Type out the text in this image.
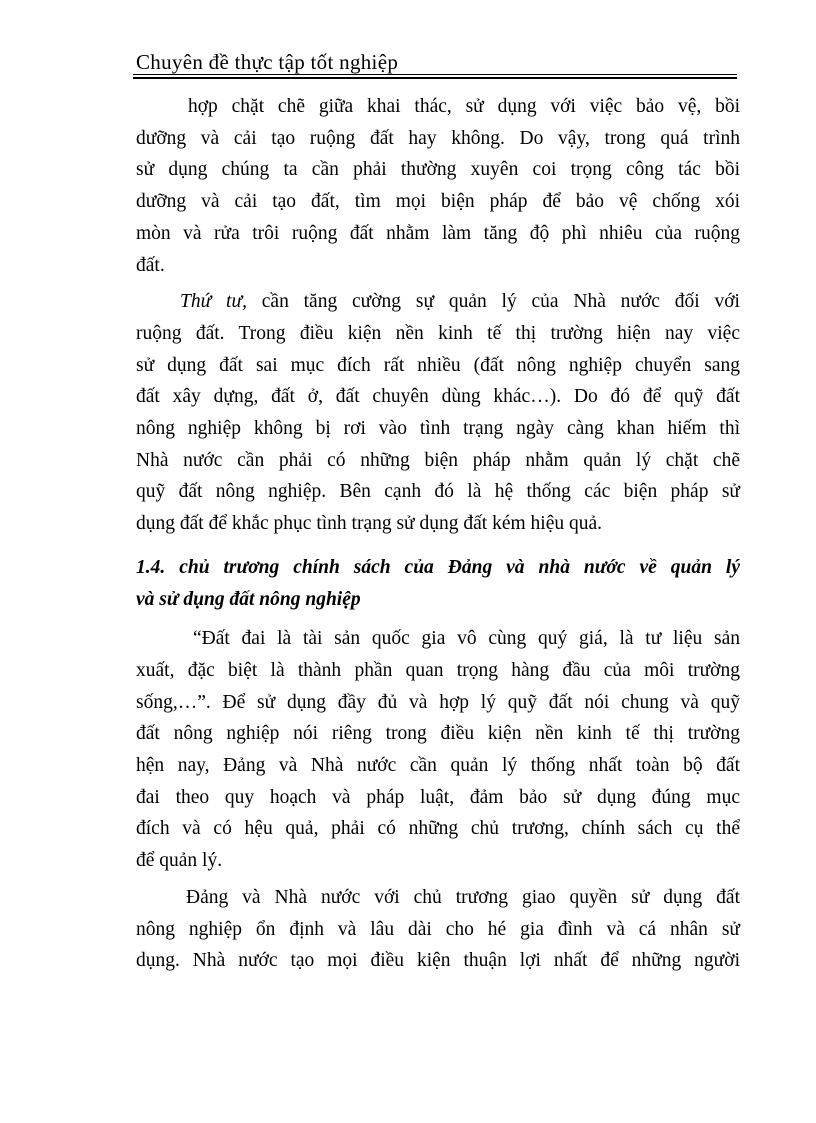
Chuyên đề thực tập tốt nghiệp
hợp chặt chẽ giữa khai thác, sử dụng với việc bảo vệ, bồi
dưỡng và cải tạo ruộng đất hay không. Do vậy, trong quá trình
sử dụng chúng ta cần phải thường xuyên coi trọng công tác bồi
dưỡng và cải tạo đất, tìm mọi biện pháp để bảo vệ chống xói
mòn và rửa trôi ruộng đất nhằm làm tăng độ phì nhiêu của ruộng
đất.
Thứ tư, cần tăng cường sự quản lý của Nhà nước đối với
ruộng đất. Trong điều kiện nền kinh tế thị trường hiện nay việc
sử dụng đất sai mục đích rất nhiều (đất nông nghiệp chuyển sang
đất xây dựng, đất ở, đất chuyên dùng khác…). Do đó để quỹ đất
nông nghiệp không bị rơi vào tình trạng ngày càng khan hiếm thì
Nhà nước cần phải có những biện pháp nhằm quản lý chặt chẽ
quỹ đất nông nghiệp. Bên cạnh đó là hệ thống các biện pháp sử
dụng đất để khắc phục tình trạng sử dụng đất kém hiệu quả.
1.4. chủ trương chính sách của Đảng và nhà nước về quản lý
và sử dụng đất nông nghiệp
“Đất đai là tài sản quốc gia vô cùng quý giá, là tư liệu sản
xuất, đặc biệt là thành phần quan trọng hàng đầu của môi trường
sống,…”. Để sử dụng đầy đủ và hợp lý quỹ đất nói chung và quỹ
đất nông nghiệp nói riêng trong điều kiện nền kinh tế thị trường
hện nay, Đảng và Nhà nước cần quản lý thống nhất toàn bộ đất
đai theo quy hoạch và pháp luật, đảm bảo sử dụng đúng mục
đích và có hệu quả, phải có những chủ trương, chính sách cụ thể
để quản lý.
Đảng và Nhà nước với chủ trương giao quyền sử dụng đất
nông nghiệp ổn định và lâu dài cho hé gia đình và cá nhân sử
dụng. Nhà nước tạo mọi điều kiện thuận lợi nhất để những người
